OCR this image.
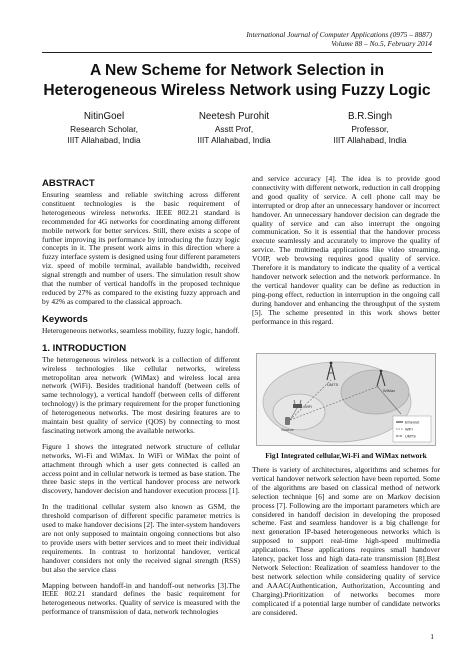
International Journal of Computer Applications (0975 – 8887)
Volume 88 – No.5, February 2014
A New Scheme for Network Selection in
Heterogeneous Wireless Network using Fuzzy Logic
NitinGoel
Research Scholar,
IIIT Allahabad, India
Neetesh Purohit
Asstt Prof,
IIIT Allahabad, India
B.R.Singh
Professor,
IIIT Allahabad, India
ABSTRACT

Ensuring seamless and reliable switching across different constituent technologies is the basic requirement of heterogeneous wireless networks. IEEE 802.21 standard is recommended for 4G networks for coordinating among different mobile network for better services. Still, there exists a scope of further improving its performance by introducing the fuzzy logic concepts in it. The present work aims in this direction where a fuzzy interface system is designed using four different parameters viz. speed of mobile terminal, available bandwidth, received signal strength and number of users. The simulation result show that the number of vertical handoffs in the proposed technique reduced by 27% as compared to the existing fuzzy approach and by 42% as compared to the classical approach.

Keywords

Heterogeneous networks, seamless mobility, fuzzy logic, handoff.

1. INTRODUCTION

The heterogeneous wireless network is a collection of different wireless technologies like cellular networks, wireless metropolitan area network (WiMax) and wireless local area network (WiFi). Besides traditional handoff (between cells of same technology), a vertical handoff (between cells of different technology) is the primary requirement for the proper functioning of heterogeneous networks. The most desiring features are to maintain best quality of service (QOS) by connecting to most fascinating network among the available networks.

Figure 1 shows the integrated network structure of cellular networks, Wi-Fi and WiMax. In WiFi or WiMax the point of attachment through which a user gets connected is called an access point and in cellular network is termed as base station. The three basic steps in the vertical handover process are network discovery, handover decision and handover execution process [1].

In the traditional cellular system also known as GSM, the threshold comparison of different specific parameter metrics is used to make handover decisions [2]. The inter-system handovers are not only supposed to maintain ongoing connections but also to provide users with better services and to meet their individual requirements. In contrast to horizontal handover, vertical handover considers not only the received signal strength (RSS) but also the service class

Mapping between handoff-in and handoff-out networks [3].The IEEE 802.21 standard defines the basic requirement for heterogeneous networks. Quality of service is measured with the performance of transmission of data, network technologies

and service accuracy [4]. The idea is to provide good connectivity with different network, reduction in call dropping and good quality of service. A cell phone call may be interrupted or drop after an unnecessary handover or incorrect handover. An unnecessary handover decision can degrade the quality of service and can also interrupt the ongoing communication. So it is essential that the handover process execute seamlessly and accurately to improve the quality of service. The multimedia applications like video streaming, VOIP, web browsing requires good quality of service. Therefore it is mandatory to indicate the quality of a vertical handover network selection and the network performance. In the vertical handover quality can be define as reduction in ping-pong effect, reduction in interruption in the ongoing call during handover and enhancing the throughput of the system [5]. The scheme presented in this work shows better performance in this regard.

UMTS
WiMax
WiFi
Source
Ethernet
WiFi
UMTS
Fig1 Integrated cellular,Wi-Fi and WiMax network

There is variety of architectures, algorithms and schemes for vertical handover network selection have been reported. Some of the algorithms are based on classical method of network selection technique [6] and some are on Markov decision process [7]. Following are the important parameters which are considered in handoff decision in developing the proposed scheme. Fast and seamless handover is a big challenge for next generation IP-based heterogeneous networks which is supposed to support real-time high-speed multimedia applications. These applications requires small handover latency, packet loss and high data-rate transmission [8].Best Network Selection: Realization of seamless handover to the best network selection while considering quality of service and AAAC(Authentication, Authorization, Accounting and Charging).Prioritization of networks becomes more complicated if a potential large number of candidate networks are considered.

1
